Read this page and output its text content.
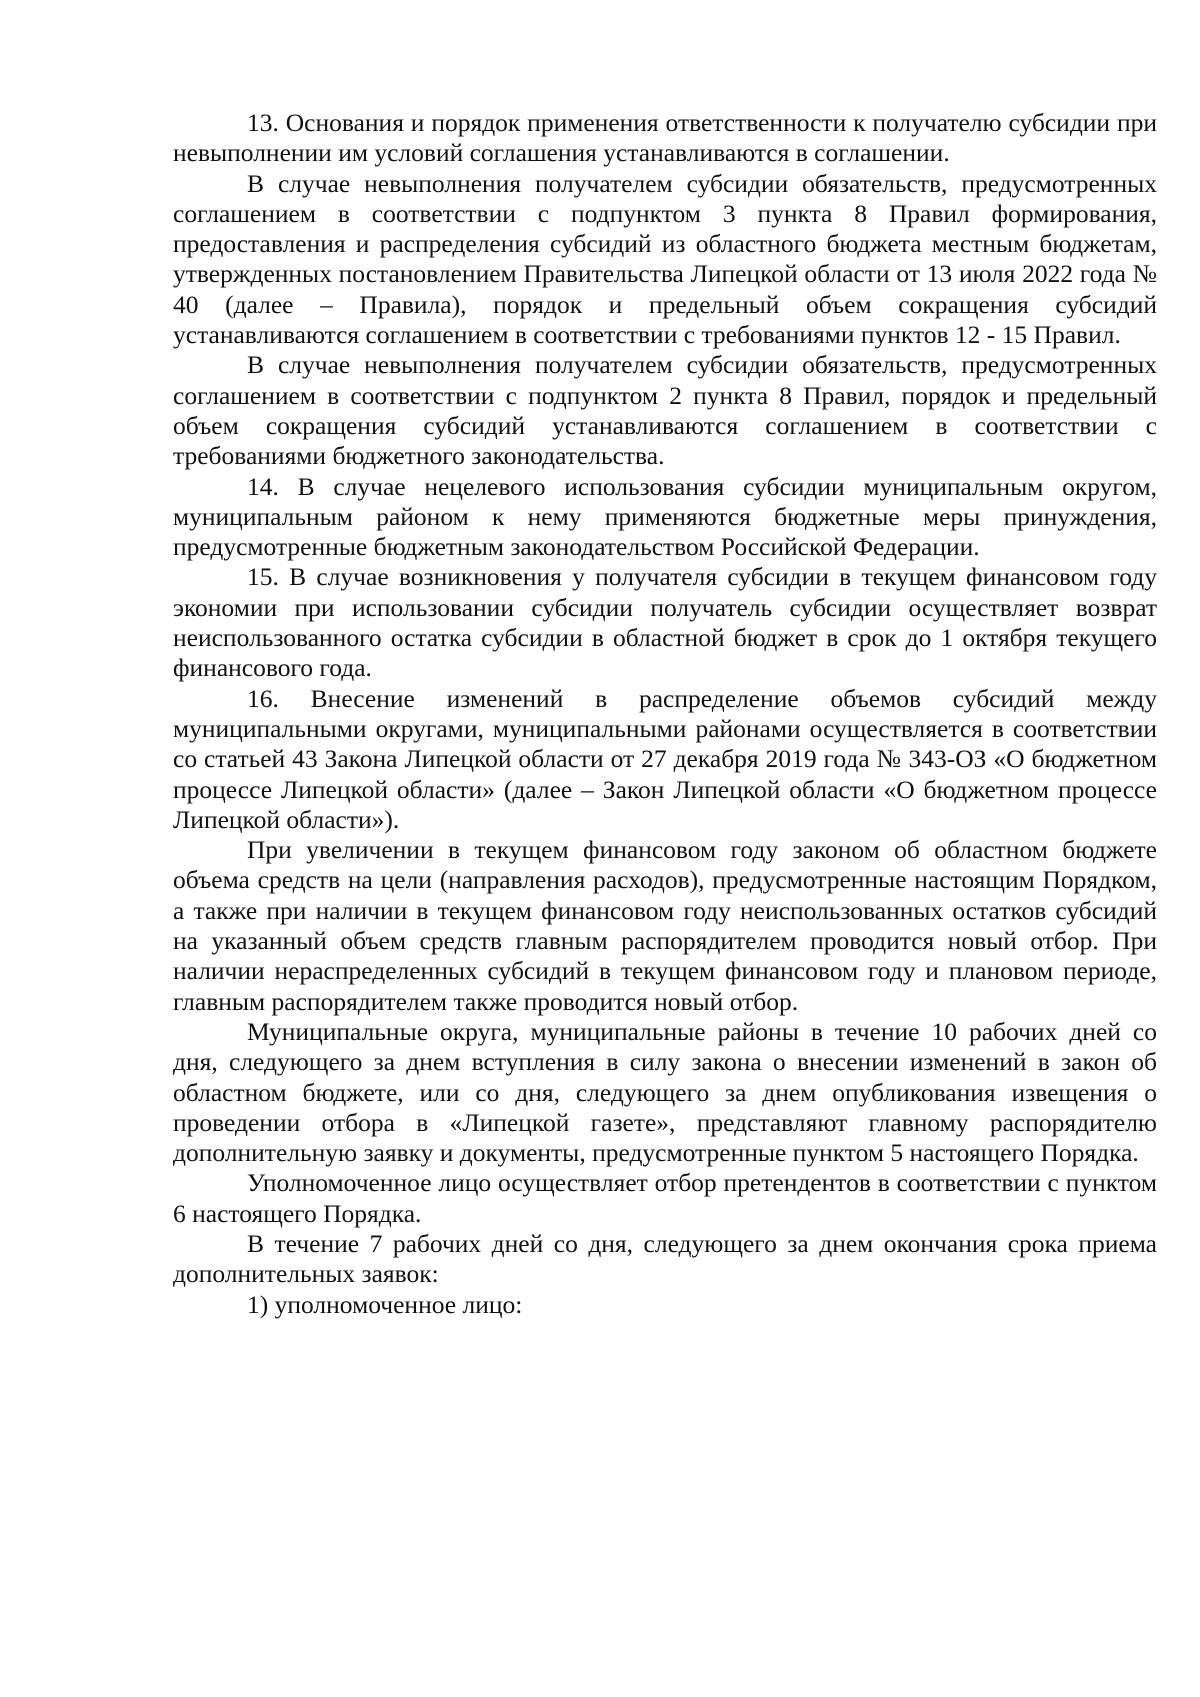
13. Основания и порядок применения ответственности к получателю субсидии при невыполнении им условий соглашения устанавливаются в соглашении.

В случае невыполнения получателем субсидии обязательств, предусмотренных соглашением в соответствии с подпунктом 3 пункта 8 Правил формирования, предоставления и распределения субсидий из областного бюджета местным бюджетам, утвержденных постановлением Правительства Липецкой области от 13 июля 2022 года № 40 (далее – Правила), порядок и предельный объем сокращения субсидий устанавливаются соглашением в соответствии с требованиями пунктов 12 - 15 Правил.

В случае невыполнения получателем субсидии обязательств, предусмотренных соглашением в соответствии с подпунктом 2 пункта 8 Правил, порядок и предельный объем сокращения субсидий устанавливаются соглашением в соответствии с требованиями бюджетного законодательства.

14. В случае нецелевого использования субсидии муниципальным округом, муниципальным районом к нему применяются бюджетные меры принуждения, предусмотренные бюджетным законодательством Российской Федерации.

15. В случае возникновения у получателя субсидии в текущем финансовом году экономии при использовании субсидии получатель субсидии осуществляет возврат неиспользованного остатка субсидии в областной бюджет в срок до 1 октября текущего финансового года.

16. Внесение изменений в распределение объемов субсидий между муниципальными округами, муниципальными районами осуществляется в соответствии со статьей 43 Закона Липецкой области от 27 декабря 2019 года № 343-ОЗ «О бюджетном процессе Липецкой области» (далее – Закон Липецкой области «О бюджетном процессе Липецкой области»).

При увеличении в текущем финансовом году законом об областном бюджете объема средств на цели (направления расходов), предусмотренные настоящим Порядком, а также при наличии в текущем финансовом году неиспользованных остатков субсидий на указанный объем средств главным распорядителем проводится новый отбор. При наличии нераспределенных субсидий в текущем финансовом году и плановом периоде, главным распорядителем также проводится новый отбор.

Муниципальные округа, муниципальные районы в течение 10 рабочих дней со дня, следующего за днем вступления в силу закона о внесении изменений в закон об областном бюджете, или со дня, следующего за днем опубликования извещения о проведении отбора в «Липецкой газете», представляют главному распорядителю дополнительную заявку и документы, предусмотренные пунктом 5 настоящего Порядка.

Уполномоченное лицо осуществляет отбор претендентов в соответствии с пунктом 6 настоящего Порядка.

В течение 7 рабочих дней со дня, следующего за днем окончания срока приема дополнительных заявок:

1) уполномоченное лицо:
